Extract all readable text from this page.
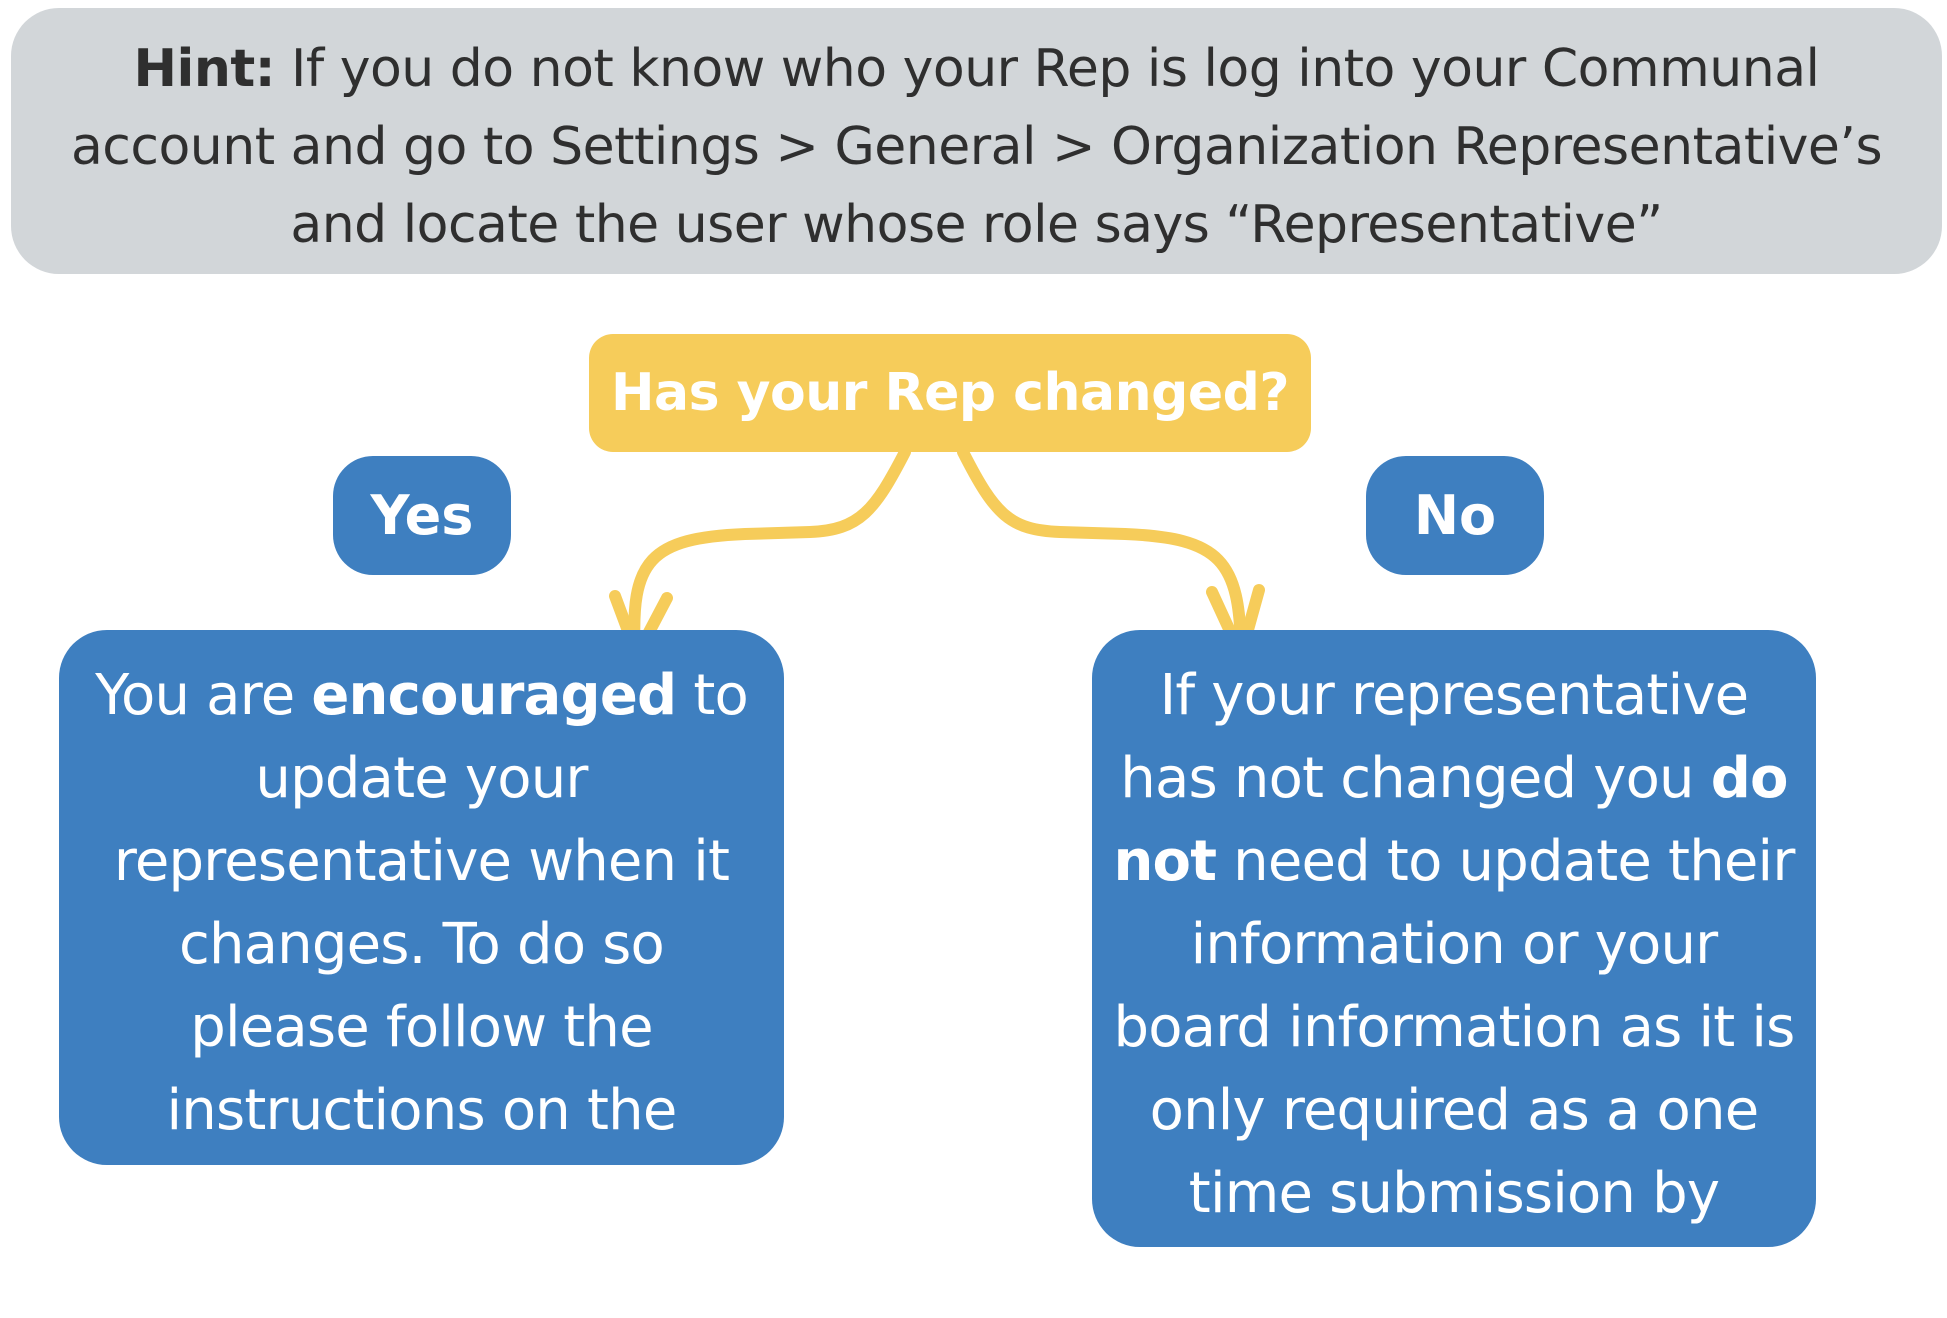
Hint: If you do not know who your Rep is log into your Communal account and go to Settings > General > Organization Representative’s and locate the user whose role says “Representative”
Has your Rep changed?
Yes	No
You are encouraged to update your representative when it changes. To do so please follow the instructions on the second page.
If your representative has not changed you do not need to update their information or your board information as it is only required as a one time submission by Stripe
